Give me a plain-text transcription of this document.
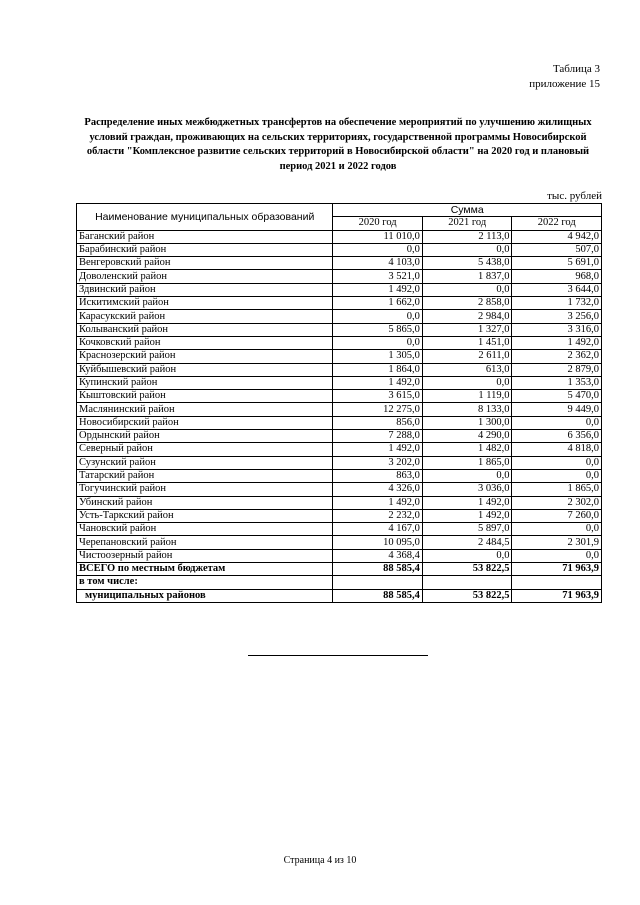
Таблица 3
приложение 15
Распределение иных межбюджетных трансфертов на обеспечение мероприятий по улучшению жилищных условий граждан, проживающих на сельских территориях, государственной программы Новосибирской области "Комплексное развитие сельских территорий в Новосибирской области" на 2020 год и плановый период 2021 и 2022 годов
тыс. рублей
Наименование муниципальных образований	Сумма		
	2020 год	2021 год	2022 год
Баганский район	11 010,0	2 113,0	4 942,0
Барабинский район	0,0	0,0	507,0
Венгеровский район	4 103,0	5 438,0	5 691,0
Доволенский район	3 521,0	1 837,0	968,0
Здвинский район	1 492,0	0,0	3 644,0
Искитимский район	1 662,0	2 858,0	1 732,0
Карасукский район	0,0	2 984,0	3 256,0
Колыванский район	5 865,0	1 327,0	3 316,0
Кочковский район	0,0	1 451,0	1 492,0
Краснозерский район	1 305,0	2 611,0	2 362,0
Куйбышевский район	1 864,0	613,0	2 879,0
Купинский район	1 492,0	0,0	1 353,0
Кыштовский район	3 615,0	1 119,0	5 470,0
Маслянинский район	12 275,0	8 133,0	9 449,0
Новосибирский район	856,0	1 300,0	0,0
Ордынский район	7 288,0	4 290,0	6 356,0
Северный район	1 492,0	1 482,0	4 818,0
Сузунский район	3 202,0	1 865,0	0,0
Татарский район	863,0	0,0	0,0
Тогучинский район	4 326,0	3 036,0	1 865,0
Убинский район	1 492,0	1 492,0	2 302,0
Усть-Таркский район	2 232,0	1 492,0	7 260,0
Чановский район	4 167,0	5 897,0	0,0
Черепановский район	10 095,0	2 484,5	2 301,9
Чистоозерный район	4 368,4	0,0	0,0
ВСЕГО по местным бюджетам	88 585,4	53 822,5	71 963,9
в том числе:			
муниципальных районов	88 585,4	53 822,5	71 963,9
Страница 4 из 10
